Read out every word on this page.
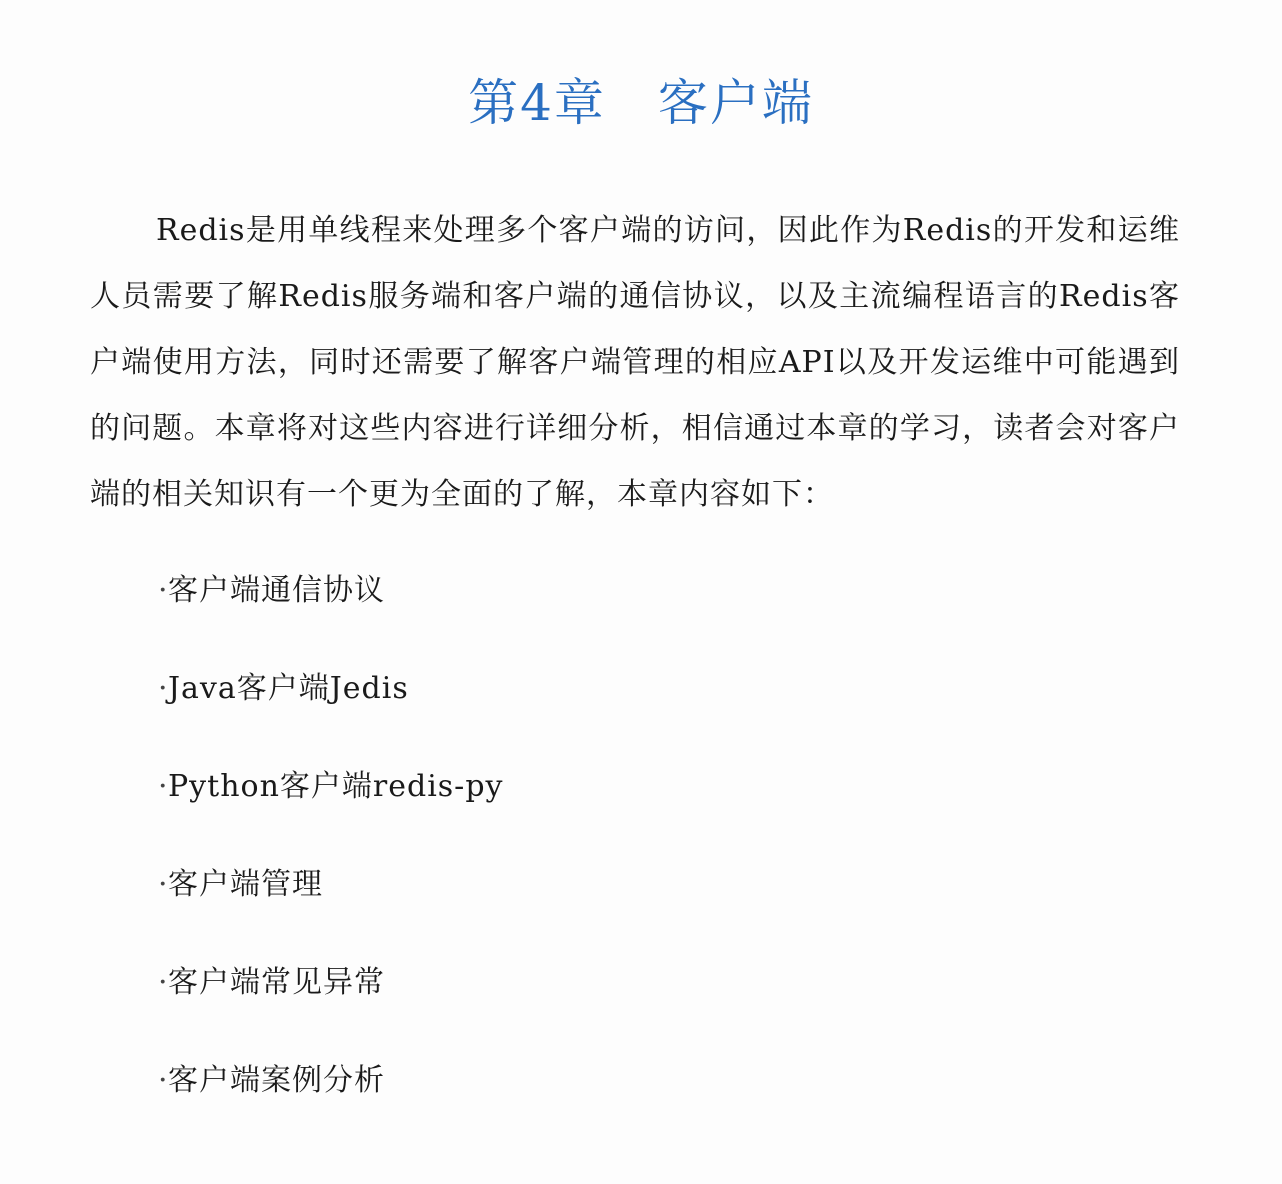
第4章　客户端

Redis是用单线程来处理多个客户端的访问，因此作为Redis的开发和运维人员需要了解Redis服务端和客户端的通信协议，以及主流编程语言的Redis客户端使用方法，同时还需要了解客户端管理的相应API以及开发运维中可能遇到的问题。本章将对这些内容进行详细分析，相信通过本章的学习，读者会对客户端的相关知识有一个更为全面的了解，本章内容如下：

·客户端通信协议
·Java客户端Jedis
·Python客户端redis-py
·客户端管理
·客户端常见异常
·客户端案例分析
